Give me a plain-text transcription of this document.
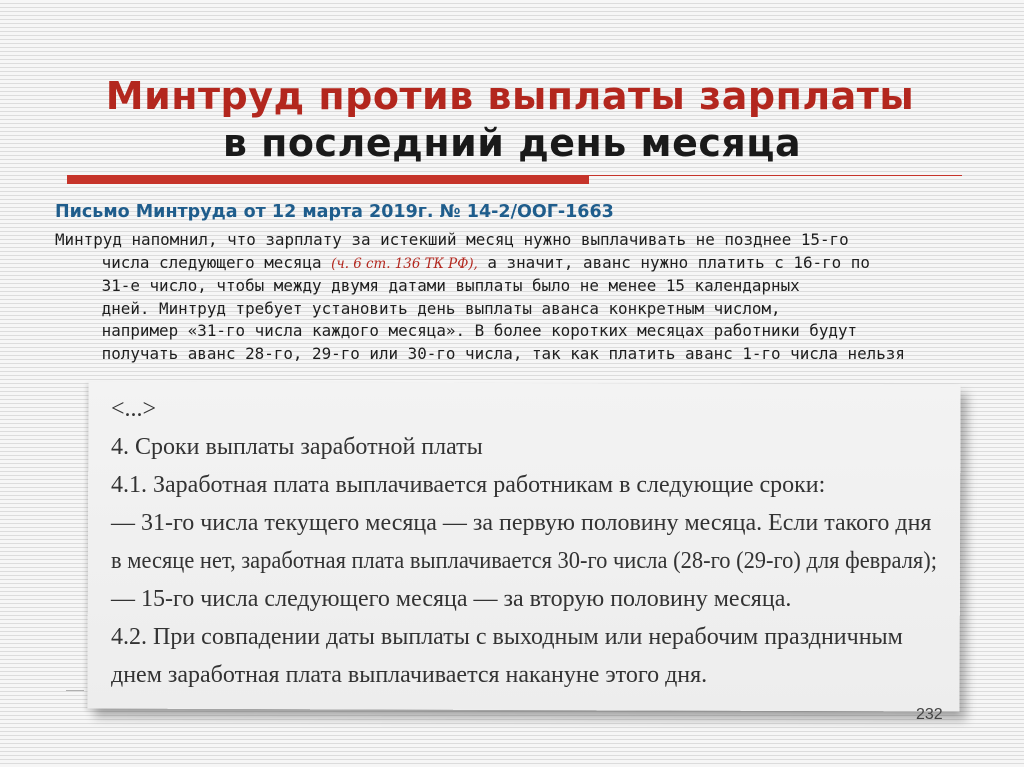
Минтруд против выплаты зарплаты
в последний день месяца
Письмо Минтруда от 12 марта 2019г. № 14-2/ООГ-1663
Минтруд напомнил, что зарплату за истекший месяц нужно выплачивать не позднее 15-го
числа следующего месяца (ч. 6 ст. 136 ТК РФ), а значит, аванс нужно платить с 16-го по
31-е число, чтобы между двумя датами выплаты было не менее 15 календарных
дней. Минтруд требует установить день выплаты аванса конкретным числом,
например «31-го числа каждого месяца». В более коротких месяцах работники будут
получать аванс 28-го, 29-го или 30-го числа, так как платить аванс 1-го числа нельзя
<...>
4. Сроки выплаты заработной платы
4.1. Заработная плата выплачивается работникам в следующие сроки:
— 31-го числа текущего месяца — за первую половину месяца. Если такого дня
в месяце нет, заработная плата выплачивается 30-го числа (28-го (29-го) для февраля);
— 15-го числа следующего месяца — за вторую половину месяца.
4.2. При совпадении даты выплаты с выходным или нерабочим праздничным
днем заработная плата выплачивается накануне этого дня.
232
